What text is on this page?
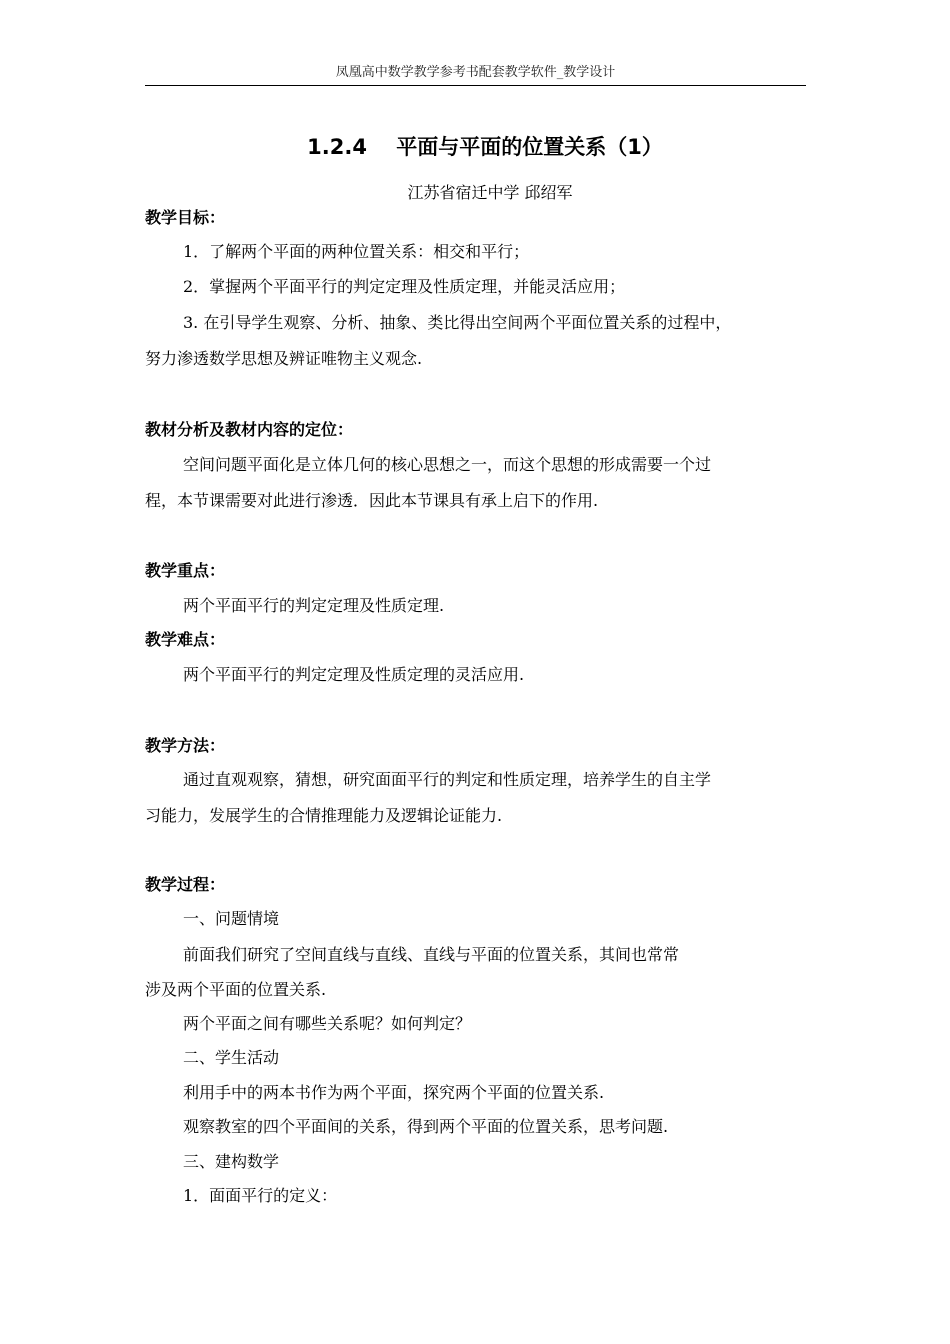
凤凰高中数学教学参考书配套教学软件_教学设计
1.2.4    平面与平面的位置关系（1）
江苏省宿迁中学 邱绍军
教学目标：
1．了解两个平面的两种位置关系：相交和平行；
2．掌握两个平面平行的判定定理及性质定理，并能灵活应用；
3. 在引导学生观察、分析、抽象、类比得出空间两个平面位置关系的过程中，
努力渗透数学思想及辨证唯物主义观念.
教材分析及教材内容的定位：
空间问题平面化是立体几何的核心思想之一，而这个思想的形成需要一个过
程，本节课需要对此进行渗透．因此本节课具有承上启下的作用.
教学重点：
两个平面平行的判定定理及性质定理.
教学难点：
两个平面平行的判定定理及性质定理的灵活应用.
教学方法：
通过直观观察，猜想，研究面面平行的判定和性质定理，培养学生的自主学
习能力，发展学生的合情推理能力及逻辑论证能力.
教学过程：
一、问题情境
前面我们研究了空间直线与直线、直线与平面的位置关系，其间也常常
涉及两个平面的位置关系.
两个平面之间有哪些关系呢？如何判定？
二、学生活动
利用手中的两本书作为两个平面，探究两个平面的位置关系.
观察教室的四个平面间的关系，得到两个平面的位置关系，思考问题.
三、建构数学
1．面面平行的定义：
